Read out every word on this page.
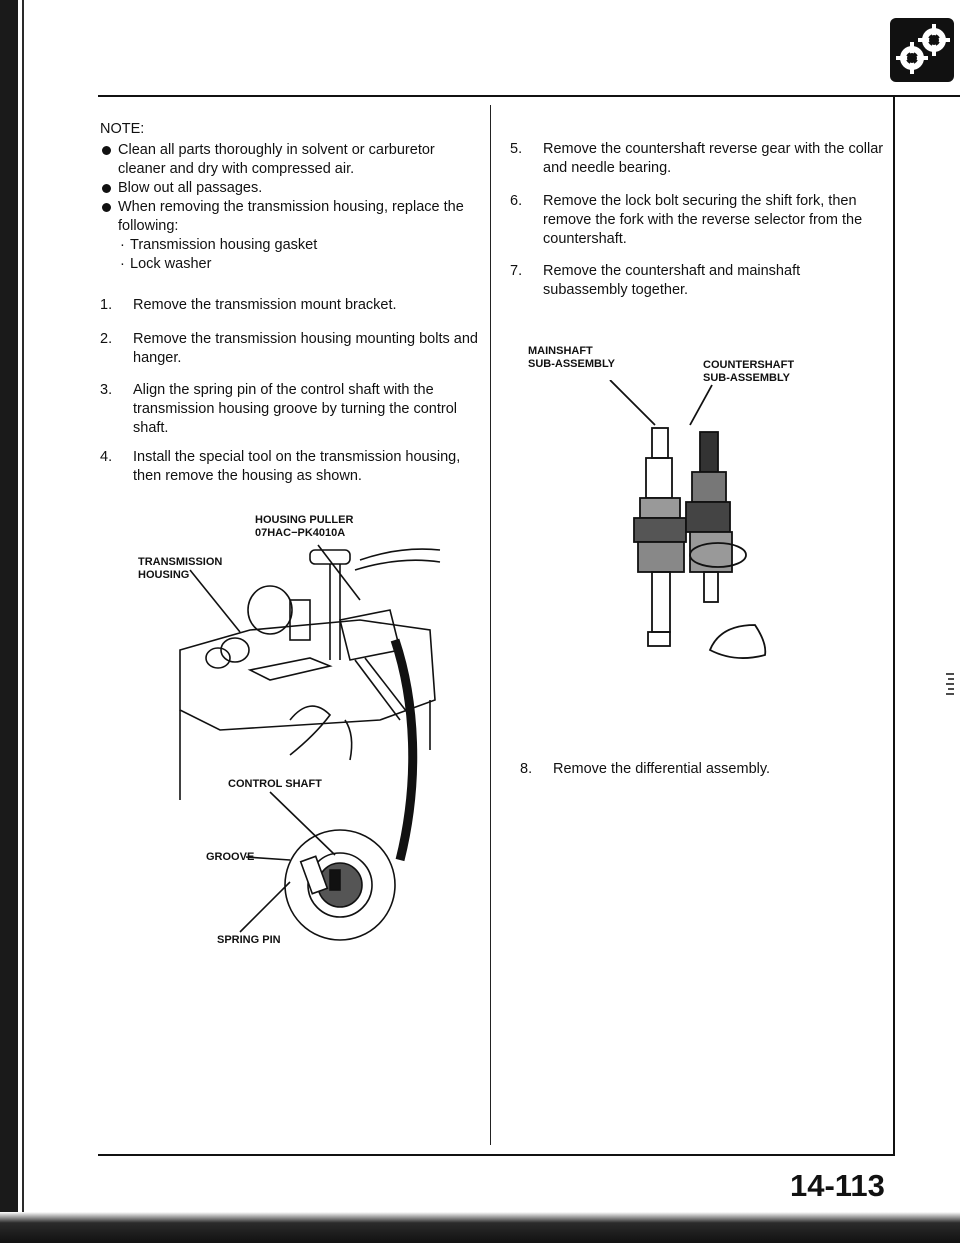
NOTE:

Clean all parts thoroughly in solvent or carburetor cleaner and dry with compressed air.

Blow out all passages.

When removing the transmission housing, replace the following:

· Transmission housing gasket

· Lock washer

1.	Remove the transmission mount bracket.
2.	Remove the transmission housing mounting bolts and hanger.
3.	Align the spring pin of the control shaft with the transmission housing groove by turning the control shaft.
4.	Install the special tool on the transmission housing, then remove the housing as shown.
5.	Remove the countershaft reverse gear with the collar and needle bearing.
6.	Remove the lock bolt securing the shift fork, then remove the fork with the reverse selector from the countershaft.
7.	Remove the countershaft and mainshaft subassembly together.
8.	Remove the differential assembly.
HOUSING PULLER
07HAC−PK4010A
TRANSMISSION
HOUSING
CONTROL SHAFT
GROOVE
SPRING PIN
MAINSHAFT
SUB-ASSEMBLY	COUNTERSHAFT
SUB-ASSEMBLY
14-113
